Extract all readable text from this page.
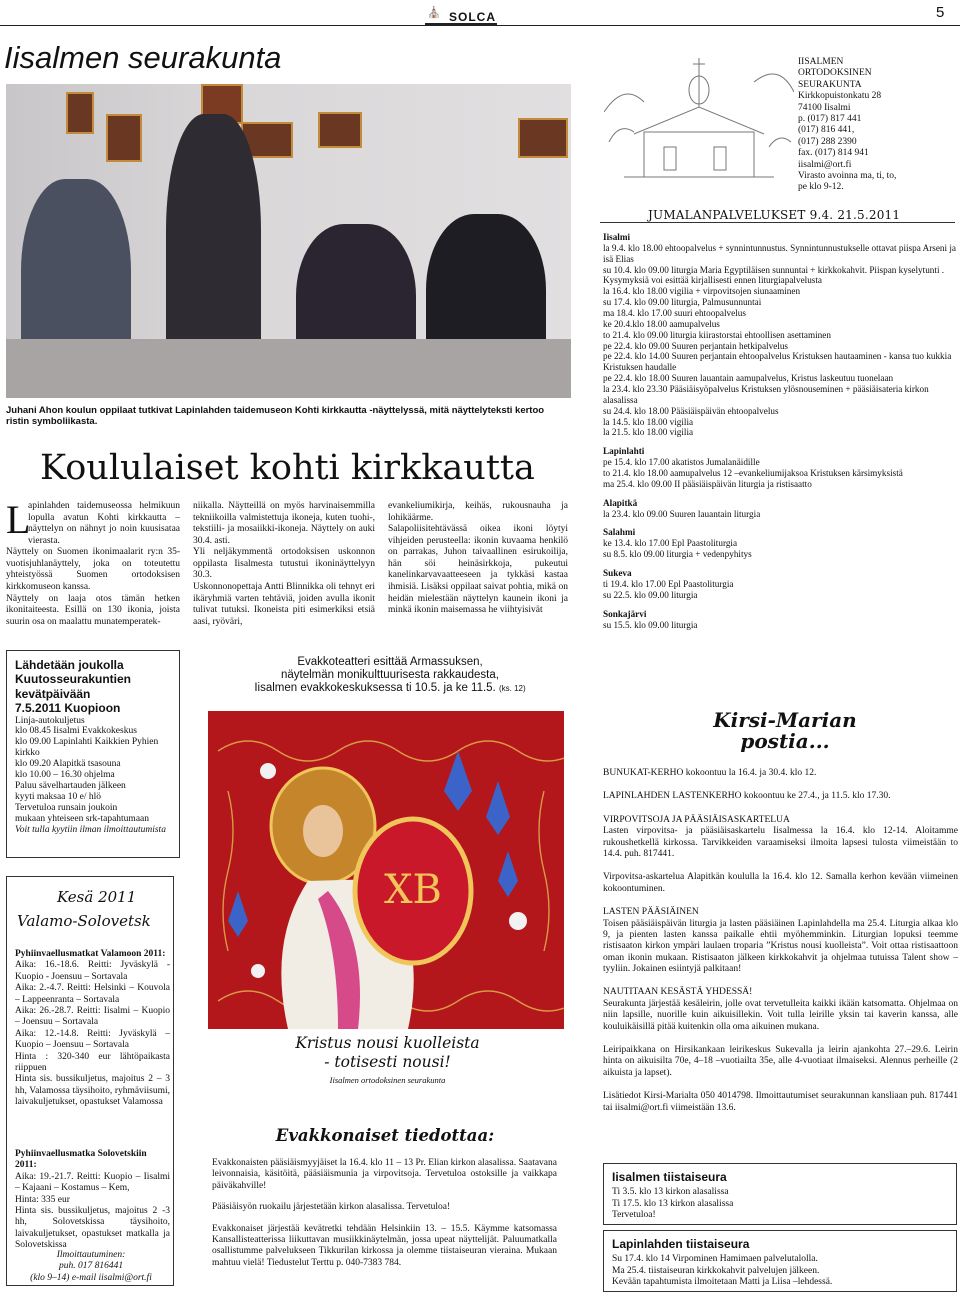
⛪ SOLCA	5
Iisalmen seurakunta
Juhani Ahon koulun oppilaat tutkivat Lapinlahden taidemuseon Kohti kirkkautta -näyttelyssä, mitä näyttelyteksti kertoo ristin symboliikasta.
Koululaiset kohti kirkkautta
L
apinlahden taidemuseossa helmikuun lopulla avatun Kohti kirkkautta – näyttelyn on nähnyt jo noin kuusisataa vierasta.
Näyttely on Suomen ikonimaalarit ry:n 35-vuotisjuhlanäyttely, joka on toteutettu yhteistyössä Suomen ortodoksisen kirkkomuseon kanssa.
Näyttely on laaja otos tämän hetken ikonitaiteesta. Esillä on 130 ikonia, joista suurin osa on maalattu munatemperatek-
niikalla. Näytteillä on myös harvinaisemmilla tekniikoilla valmistettuja ikoneja, kuten tuohi-, tekstiili- ja mosaiikki-ikoneja. Näyttely on auki 30.4. asti.
Yli neljäkymmentä ortodoksisen uskonnon oppilasta Iisalmesta tutustui ikoninäyttelyyn 30.3.
Uskonnonopettaja Antti Blinnikka oli tehnyt eri ikäryhmiä varten tehtäviä, joiden avulla ikonit tulivat tutuksi. Ikoneista piti esimerkiksi etsiä aasi, ryöväri,
evankeliumikirja, keihäs, rukousnauha ja lohikäärme.
Salapoliisitehtävässä oikea ikoni löytyi vihjeiden perusteella: ikonin kuvaama henkilö on parrakas, Juhon taivaallinen esirukoilija, hän söi heinäsirkkoja, pukeutui kanelinkarvavaatteeseen ja tykkäsi kastaa ihmisiä. Lisäksi oppilaat saivat pohtia, mikä on heidän mielestään näyttelyn kaunein ikoni ja minkä ikonin maisemassa he viihtyisivät
Lähdetään joukolla Kuutosseurakuntien kevätpäivään
7.5.2011 Kuopioon
Linja-autokuljetus
klo 08.45 Iisalmi Evakkokeskus
klo 09.00 Lapinlahti Kaikkien Pyhien kirkko
klo 09.20 Alapitkä tsasouna
klo 10.00 – 16.30 ohjelma
Paluu sävelhartauden jälkeen
kyyti maksaa 10 e/ hlö
Tervetuloa runsain joukoin
mukaan yhteiseen srk-tapahtumaan
Voit tulla kyytiin ilman ilmoittautumista
Kesä 2011
Valamo-Solovetsk
Pyhiinvaellusmatkat Valamoon 2011:
Aika: 16.-18.6. Reitti: Jyväskylä - Kuopio - Joensuu – Sortavala
Aika: 2.-4.7. Reitti: Helsinki – Kouvola – Lappeenranta – Sortavala
Aika: 26.-28.7. Reitti: Iisalmi – Kuopio – Joensuu – Sortavala
Aika: 12.-14.8. Reitti: Jyväskylä – Kuopio – Joensuu – Sortavala
Hinta : 320-340 eur lähtöpaikasta riippuen
Hinta sis. bussikuljetus, majoitus 2 – 3 hh, Valamossa täysihoito, ryhmäviisumi, laivakuljetukset, opastukset Valamossa
Pyhiinvaellusmatka Solovetskiin 2011:
Aika: 19.-21.7. Reitti: Kuopio – Iisalmi – Kajaani – Kostamus – Kem,
Hinta: 335 eur
Hinta sis. bussikuljetus, majoitus 2 -3 hh, Solovetskissa täysihoito, laivakuljetukset, opastukset matkalla ja Solovetskissa
Ilmoittautuminen:
puh. 017 816441
(klo 9–14) e-mail iisalmi@ort.fi
Evakkoteatteri esittää Armassuksen,
näytelmän monikulttuurisesta rakkaudesta,
Iisalmen evakkokeskuksessa ti 10.5. ja ke 11.5. (ks. 12)
ХВ
Kristus nousi kuolleista
- totisesti nousi!
Iisalmen ortodoksinen seurakunta
Evakkonaiset tiedottaa:
Evakkonaisten pääsiäismyyjäiset la 16.4. klo 11 – 13 Pr. Elian kirkon alasalissa. Saatavana leivonnaisia, käsitöitä, pääsiäismunia ja virpovitsoja. Tervetuloa ostoksille ja vaikkapa päiväkahville!
Pääsiäisyön ruokailu järjestetään kirkon alasalissa. Tervetuloa!
Evakkonaiset järjestää kevätretki tehdään Helsinkiin 13. – 15.5. Käymme katsomassa Kansallisteatterissa liikuttavan musiikkinäytelmän, jossa upeat näyttelijät. Paluumatkalla osallistumme palvelukseen Tikkurilan kirkossa ja olemme tiistaiseuran vieraina. Mukaan mahtuu vielä! Tiedustelut Terttu p. 040-7383 784.
IISALMEN
ORTODOKSINEN
SEURAKUNTA
Kirkkopuistonkatu 28
74100 Iisalmi
p. (017) 817 441
(017) 816 441,
(017) 288 2390
fax. (017) 814 941
iisalmi@ort.fi
Virasto avoinna ma, ti, to,
pe klo 9-12.
JUMALANPALVELUKSET 9.4. 21.5.2011
Iisalmi
la 9.4. klo 18.00 ehtoopalvelus + synnintunnustus. Synnintunnustukselle ottavat piispa Arseni ja isä Elias
su 10.4. klo 09.00 liturgia Maria Egyptiläisen sunnuntai + kirkkokahvit. Piispan kyselytunti . Kysymyksiä voi esittää kirjallisesti ennen liturgiapalvelusta
la 16.4. klo 18.00 vigilia + virpovitsojen siunaaminen
su 17.4. klo 09.00 liturgia, Palmusunnuntai
ma 18.4. klo 17.00 suuri ehtoopalvelus
ke 20.4.klo 18.00 aamupalvelus
to 21.4. klo 09.00 liturgia kiirastorstai ehtoollisen asettaminen
pe 22.4. klo 09.00 Suuren perjantain hetkipalvelus
pe 22.4. klo 14.00 Suuren perjantain ehtoopalvelus Kristuksen hautaaminen - kansa tuo kukkia Kristuksen haudalle
pe 22.4. klo 18.00 Suuren lauantain aamupalvelus, Kristus laskeutuu tuonelaan
la 23.4. klo 23.30 Pääsiäisyöpalvelus Kristuksen ylösnouseminen + pääsiäisateria kirkon alasalissa
su 24.4. klo 18.00 Pääsiäispäivän ehtoopalvelus
la 14.5. klo 18.00 vigilia
la 21.5. klo 18.00 vigilia
Lapinlahti
pe 15.4. klo 17.00 akatistos Jumalanäidille
to 21.4. klo 18.00 aamupalvelus 12 –evankeliumijaksoa Kristuksen kärsimyksistä
ma 25.4. klo 09.00 II pääsiäispäivän liturgia ja ristisaatto
Alapitkä
la 23.4. klo 09.00 Suuren lauantain liturgia
Salahmi
ke 13.4. klo 17.00 Epl Paastoliturgia
su 8.5. klo 09.00 liturgia + vedenpyhitys
Sukeva
ti 19.4. klo 17.00 Epl Paastoliturgia
su 22.5. klo 09.00 liturgia
Sonkajärvi
su 15.5. klo 09.00 liturgia
Kirsi-Marian
postia...

BUNUKAT-KERHO kokoontuu la 16.4. ja 30.4. klo 12.

LAPINLAHDEN LASTENKERHO kokoontuu ke 27.4., ja 11.5. klo 17.30.

VIRPOVITSOJA JA PÄÄSIÄISASKARTELUA
Lasten virpovitsa- ja pääsiäisaskartelu Iisalmessa la 16.4. klo 12-14. Aloitamme rukoushetkellä kirkossa. Tarvikkeiden varaamiseksi ilmoita lapsesi tulosta viimeistään to 14.4. puh. 817441.

Virpovitsa-askartelua Alapitkän koululla la 16.4. klo 12. Samalla kerhon kevään viimeinen kokoontuminen.

LASTEN PÄÄSIÄINEN
Toisen pääsiäispäivän liturgia ja lasten pääsiäinen Lapinlahdella ma 25.4. Liturgia alkaa klo 9, ja pienten lasten kanssa paikalle ehtii myöhemminkin. Liturgian lopuksi teemme ristisaaton kirkon ympäri laulaen troparia ”Kristus nousi kuolleista”. Voit ottaa ristisaattoon oman ikonin mukaan. Ristisaaton jälkeen kirkkokahvit ja ohjelmaa tutuissa Talent show –tyyliin. Jokainen esiintyjä palkitaan!

NAUTITAAN KESÄSTÄ YHDESSÄ!
Seurakunta järjestää kesäleirin, jolle ovat tervetulleita kaikki ikään katsomatta. Ohjelmaa on niin lapsille, nuorille kuin aikuisillekin. Voit tulla leirille yksin tai kaverin kanssa, alle kouluikäisillä pitää kuitenkin olla oma aikuinen mukana.

Leiripaikkana on Hirsikankaan leirikeskus Sukevalla ja leirin ajankohta 27.–29.6. Leirin hinta on aikuisilta 70e, 4–18 –vuotiailta 35e, alle 4-vuotiaat ilmaiseksi. Alennus perheille (2 aikuista ja lapset).

Lisätiedot Kirsi-Marialta 050 4014798. Ilmoittautumiset seurakunnan kansliaan puh. 817441 tai iisalmi@ort.fi viimeistään 13.6.

Iisalmen tiistaiseura
Ti 3.5. klo 13 kirkon alasalissa
Ti 17.5. klo 13 kirkon alasalissa
Tervetuloa!
Lapinlahden tiistaiseura
Su 17.4. klo 14 Virpominen Hamimaen palvelutalolla.
Ma 25.4. tiistaiseuran kirkkokahvit palvelujen jälkeen.
Kevään tapahtumista ilmoitetaan Matti ja Liisa –lehdessä.
